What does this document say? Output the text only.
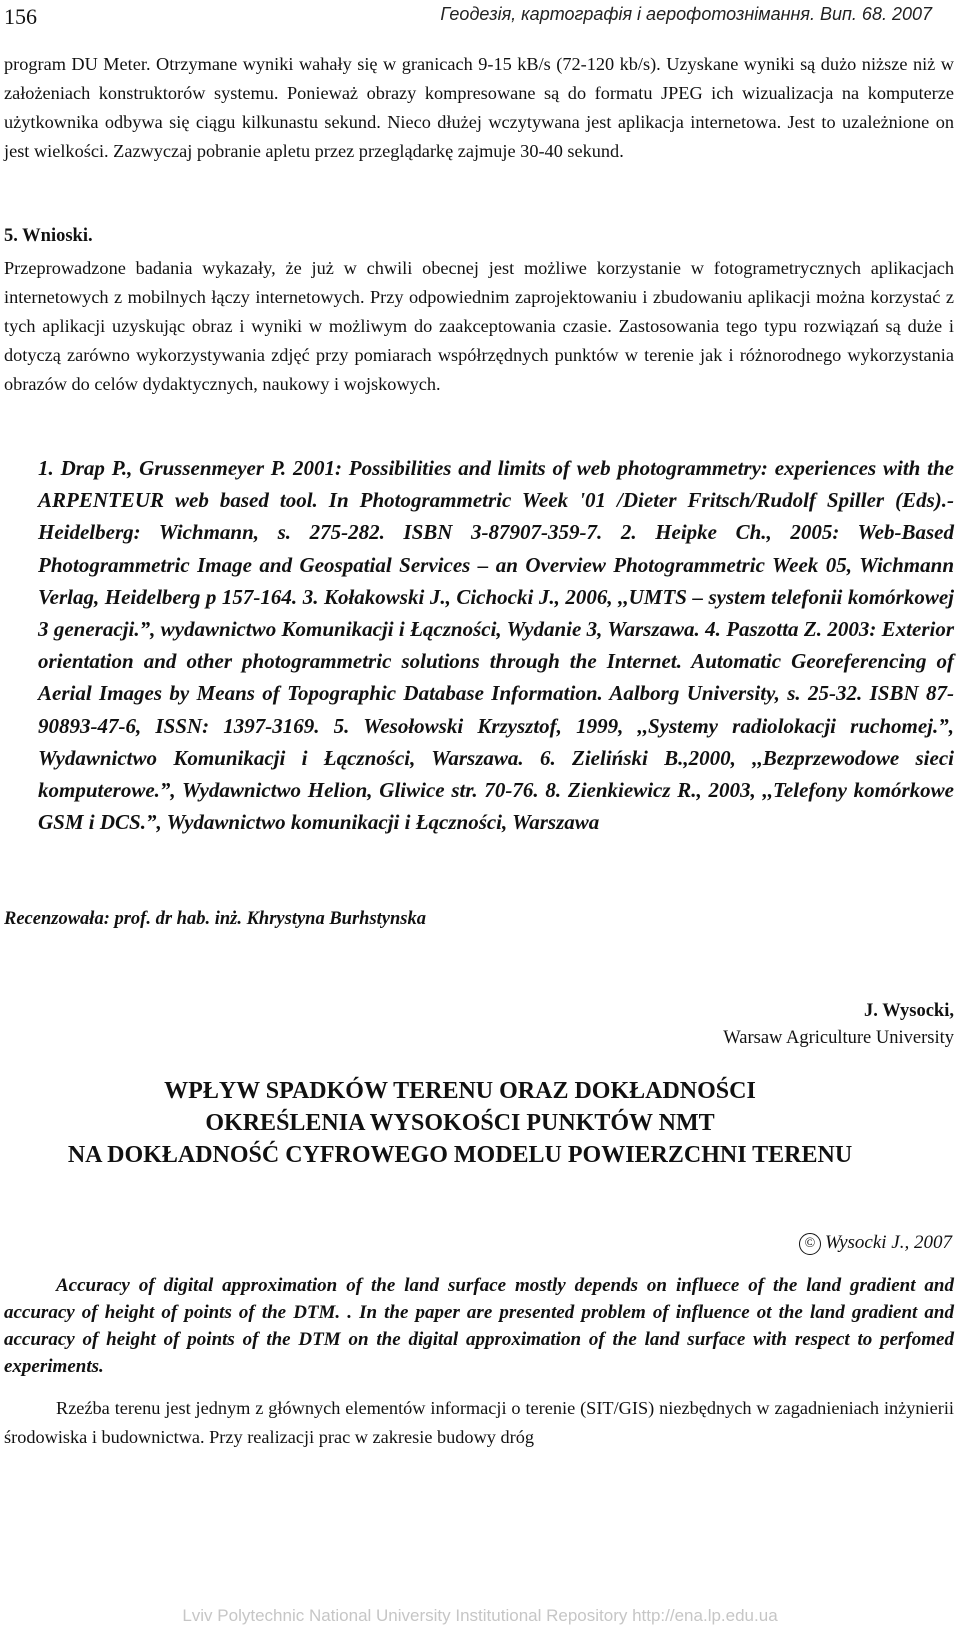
156	Геодезія, картографія і аерофотознімання. Вип. 68. 2007

program DU Meter. Otrzymane wyniki wahały się w granicach 9-15 kB/s (72-120 kb/s). Uzyskane wyniki są dużo niższe niż w założeniach konstruktorów systemu. Ponieważ obrazy kompresowane są do formatu JPEG ich wizualizacja na komputerze użytkownika odbywa się ciągu kilkunastu sekund. Nieco dłużej wczytywana jest aplikacja internetowa. Jest to uzależnione on jest wielkości. Zazwyczaj pobranie apletu przez przeglądarkę zajmuje 30-40 sekund.

5. Wnioski.

Przeprowadzone badania wykazały, że już w chwili obecnej jest możliwe korzystanie w fotogrametrycznych aplikacjach internetowych z mobilnych łączy internetowych. Przy odpowiednim zaprojektowaniu i zbudowaniu aplikacji można korzystać z tych aplikacji uzyskując obraz i wyniki w możliwym do zaakceptowania czasie. Zastosowania tego typu rozwiązań są duże i dotyczą zarówno wykorzystywania zdjęć przy pomiarach współrzędnych punktów w terenie jak i różnorodnego wykorzystania obrazów do celów dydaktycznych, naukowy i wojskowych.

1. Drap P., Grussenmeyer P. 2001: Possibilities and limits of web photogrammetry: experiences with the ARPENTEUR web based tool. In Photogrammetric Week '01 /Dieter Fritsch/Rudolf Spiller (Eds).-Heidelberg: Wichmann, s. 275-282. ISBN 3-87907-359-7. 2. Heipke Ch., 2005: Web-Based Photogrammetric Image and Geospatial Services – an Overview Photogrammetric Week 05, Wichmann Verlag, Heidelberg p 157-164. 3. Kołakowski J., Cichocki J., 2006, ,,UMTS – system telefonii komórkowej 3 generacji.”, wydawnictwo Komunikacji i Łączności, Wydanie 3, Warszawa. 4. Paszotta Z. 2003: Exterior orientation and other photogrammetric solutions through the Internet. Automatic Georeferencing of Aerial Images by Means of Topographic Database Information. Aalborg University, s. 25-32. ISBN 87-90893-47-6, ISSN: 1397-3169. 5. Wesołowski Krzysztof, 1999, ,,Systemy radiolokacji ruchomej.”, Wydawnictwo Komunikacji i Łączności, Warszawa. 6. Zieliński B.,2000, ,,Bezprzewodowe sieci komputerowe.”, Wydawnictwo Helion, Gliwice str. 70-76. 8. Zienkiewicz R., 2003, ,,Telefony komórkowe GSM i DCS.”, Wydawnictwo komunikacji i Łączności, Warszawa

Recenzowała: prof. dr hab. inż. Khrystyna Burhstynska

J. Wysocki,
Warsaw Agriculture University
WPŁYW SPADKÓW TERENU ORAZ DOKŁADNOŚCI
OKREŚLENIA WYSOKOŚCI PUNKTÓW NMT
NA DOKŁADNOŚĆ CYFROWEGO MODELU POWIERZCHNI TERENU
© Wysocki J., 2007

Accuracy of digital approximation of the land surface mostly depends on influece of the land gradient and accuracy of height of points of the DTM. . In the paper are presented problem of influence ot the land gradient and accuracy of height of points of the DTM on the digital approximation of the land surface with respect to perfomed experiments.

Rzeźba terenu jest jednym z głównych elementów informacji o terenie (SIT/GIS) niezbędnych w zagadnieniach inżynierii środowiska i budownictwa. Przy realizacji prac w zakresie budowy dróg

Lviv Polytechnic National University Institutional Repository http://ena.lp.edu.ua
